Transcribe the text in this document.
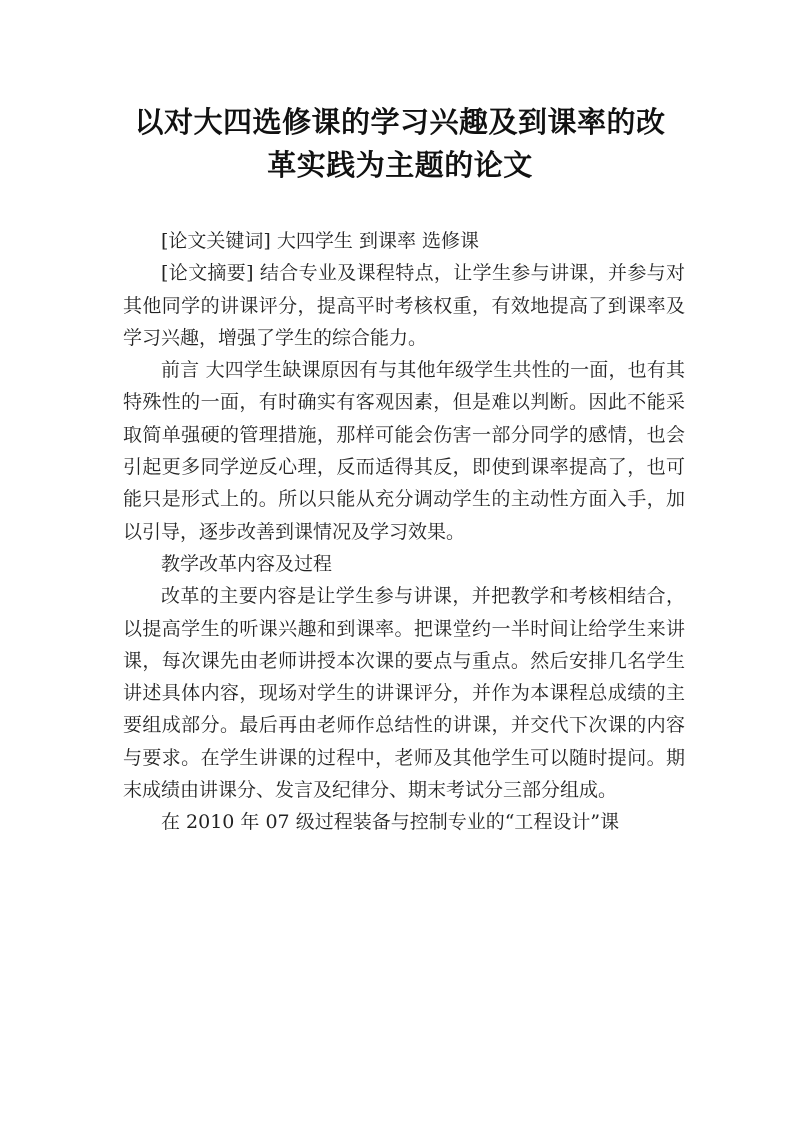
以对大四选修课的学习兴趣及到课率的改
革实践为主题的论文

[论文关键词] 大四学生 到课率 选修课

[论文摘要] 结合专业及课程特点，让学生参与讲课，并参与对其他同学的讲课评分，提高平时考核权重，有效地提高了到课率及学习兴趣，增强了学生的综合能力。

前言 大四学生缺课原因有与其他年级学生共性的一面，也有其特殊性的一面，有时确实有客观因素，但是难以判断。因此不能采取简单强硬的管理措施，那样可能会伤害一部分同学的感情，也会引起更多同学逆反心理，反而适得其反，即使到课率提高了，也可能只是形式上的。所以只能从充分调动学生的主动性方面入手，加以引导，逐步改善到课情况及学习效果。

教学改革内容及过程

改革的主要内容是让学生参与讲课，并把教学和考核相结合，以提高学生的听课兴趣和到课率。把课堂约一半时间让给学生来讲课，每次课先由老师讲授本次课的要点与重点。然后安排几名学生讲述具体内容，现场对学生的讲课评分，并作为本课程总成绩的主要组成部分。最后再由老师作总结性的讲课，并交代下次课的内容与要求。在学生讲课的过程中，老师及其他学生可以随时提问。期末成绩由讲课分、发言及纪律分、期末考试分三部分组成。

在 2010 年 07 级过程装备与控制专业的“工程设计”课
